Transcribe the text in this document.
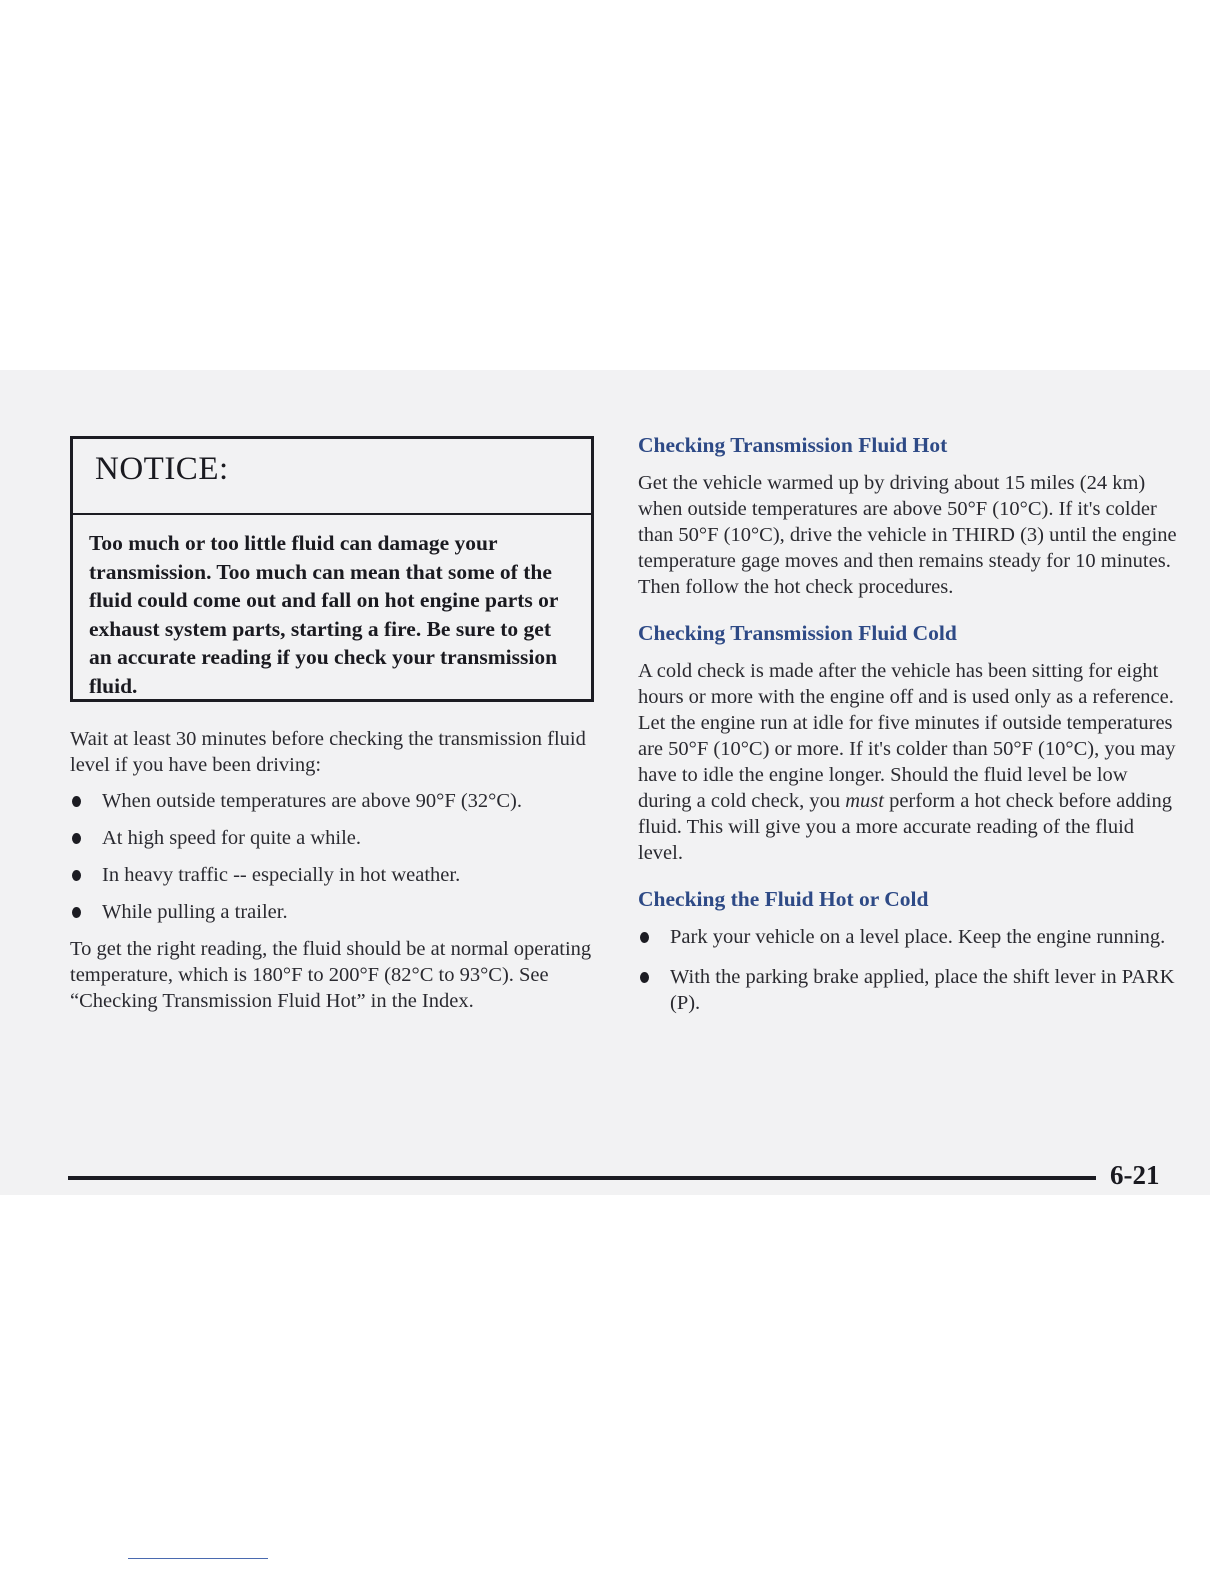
NOTICE:
Too much or too little fluid can damage your transmission. Too much can mean that some of the fluid could come out and fall on hot engine parts or exhaust system parts, starting a fire. Be sure to get an accurate reading if you check your transmission fluid.

Wait at least 30 minutes before checking the transmission fluid level if you have been driving:

When outside temperatures are above 90°F (32°C).
At high speed for quite a while.
In heavy traffic -- especially in hot weather.
While pulling a trailer.

To get the right reading, the fluid should be at normal operating temperature, which is 180°F to 200°F (82°C to 93°C). See “Checking Transmission Fluid Hot” in the Index.

Checking Transmission Fluid Hot

Get the vehicle warmed up by driving about 15 miles (24 km) when outside temperatures are above 50°F (10°C). If it's colder than 50°F (10°C), drive the vehicle in THIRD (3) until the engine temperature gage moves and then remains steady for 10 minutes. Then follow the hot check procedures.

Checking Transmission Fluid Cold

A cold check is made after the vehicle has been sitting for eight hours or more with the engine off and is used only as a reference. Let the engine run at idle for five minutes if outside temperatures are 50°F (10°C) or more. If it's colder than 50°F (10°C), you may have to idle the engine longer. Should the fluid level be low during a cold check, you must perform a hot check before adding fluid. This will give you a more accurate reading of the fluid level.

Checking the Fluid Hot or Cold
Park your vehicle on a level place. Keep the engine running.
With the parking brake applied, place the shift lever in PARK (P).
6-21
